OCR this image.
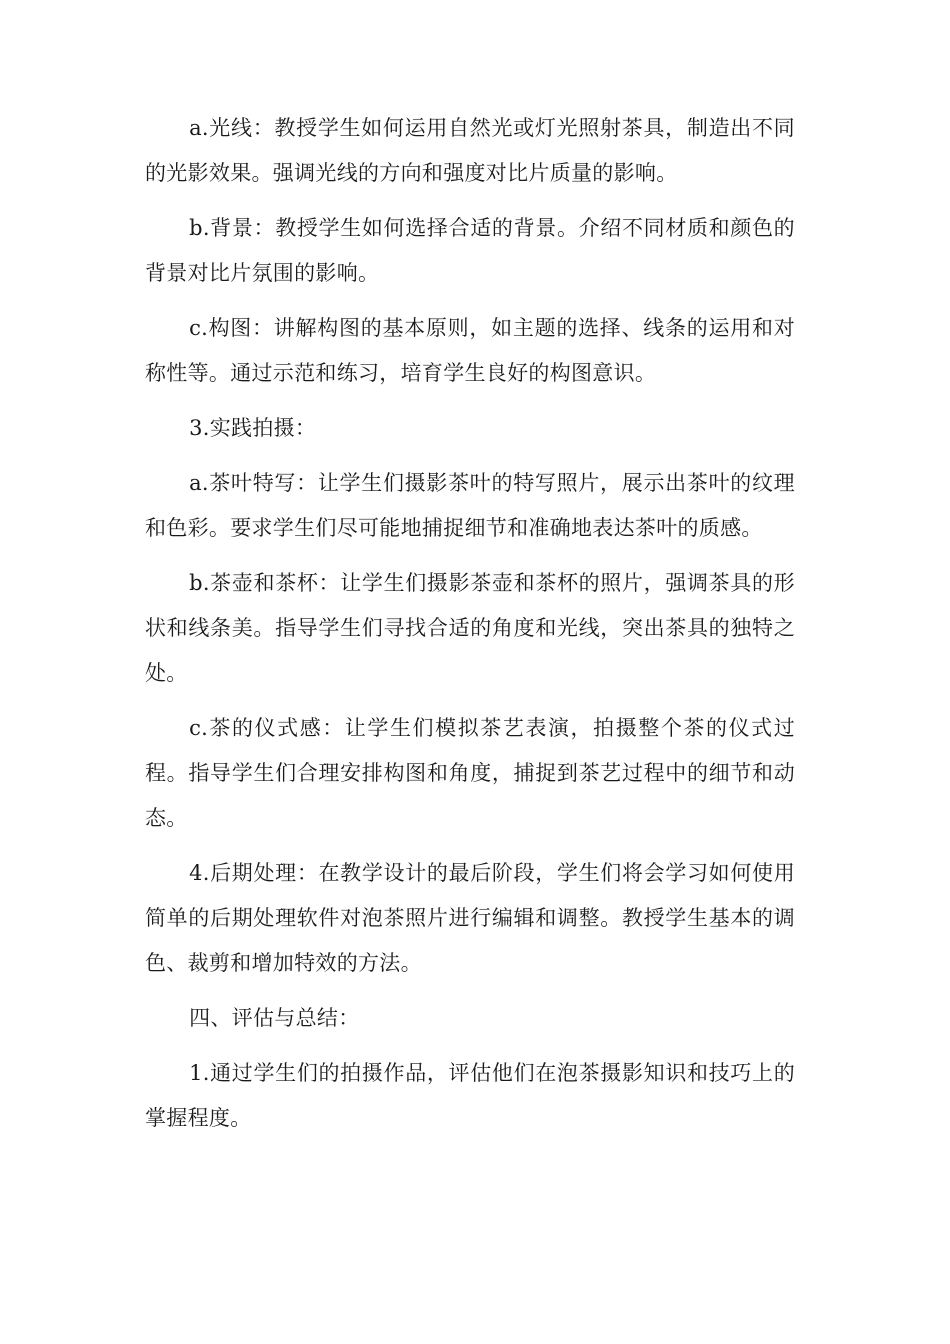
a.光线：教授学生如何运用自然光或灯光照射茶具，制造出不同的光影效果。强调光线的方向和强度对比片质量的影响。

b.背景：教授学生如何选择合适的背景。介绍不同材质和颜色的背景对比片氛围的影响。

c.构图：讲解构图的基本原则，如主题的选择、线条的运用和对称性等。通过示范和练习，培育学生良好的构图意识。

3.实践拍摄：

a.茶叶特写：让学生们摄影茶叶的特写照片，展示出茶叶的纹理和色彩。要求学生们尽可能地捕捉细节和准确地表达茶叶的质感。

b.茶壶和茶杯：让学生们摄影茶壶和茶杯的照片，强调茶具的形状和线条美。指导学生们寻找合适的角度和光线，突出茶具的独特之处。

c.茶的仪式感：让学生们模拟茶艺表演，拍摄整个茶的仪式过程。指导学生们合理安排构图和角度，捕捉到茶艺过程中的细节和动态。

4.后期处理：在教学设计的最后阶段，学生们将会学习如何使用简单的后期处理软件对泡茶照片进行编辑和调整。教授学生基本的调色、裁剪和增加特效的方法。

四、评估与总结：

1.通过学生们的拍摄作品，评估他们在泡茶摄影知识和技巧上的掌握程度。
